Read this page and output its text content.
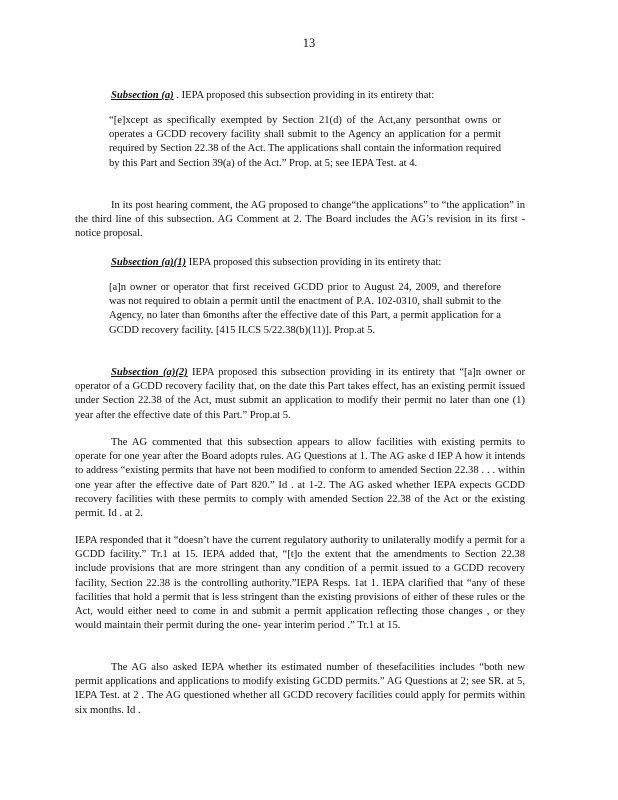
13

Subsection (a) . IEPA proposed this subsection providing in its entirety that:

“[e]xcept as specifically exempted by Section 21(d) of the Act,any personthat owns or operates a GCDD recovery facility shall submit to the Agency an application for a permit required by Section 22.38 of the Act. The applications shall contain the information required by this Part and Section 39(a) of the Act.” Prop. at 5; see IEPA Test. at 4.

In its post hearing comment, the AG proposed to change“the applications” to “the application” in the third line of this subsection. AG Comment at 2. The Board includes the AG’s revision in its first -notice proposal.

Subsection (a)(1) IEPA proposed this subsection providing in its entirety that:

[a]n owner or operator that first received GCDD prior to August 24, 2009, and therefore was not required to obtain a permit until the enactment of P.A. 102-0310, shall submit to the Agency, no later than 6months after the effective date of this Part, a permit application for a GCDD recovery facility. [415 ILCS 5/22.38(b)(11)]. Prop.at 5.

Subsection (a)(2) IEPA proposed this subsection providing in its entirety that “[a]n owner or operator of a GCDD recovery facility that, on the date this Part takes effect, has an existing permit issued under Section 22.38 of the Act, must submit an application to modify their permit no later than one (1) year after the effective date of this Part.” Prop.at 5.

The AG commented that this subsection appears to allow facilities with existing permits to operate for one year after the Board adopts rules. AG Questions at 1. The AG aske d IEP A how it intends to address “existing permits that have not been modified to conform to amended Section 22.38 . . . within one year after the effective date of Part 820.” Id . at 1-2. The AG asked whether IEPA expects GCDD recovery facilities with these permits to comply with amended Section 22.38 of the Act or the existing permit. Id . at 2.

IEPA responded that it “doesn’t have the current regulatory authority to unilaterally modify a permit for a GCDD facility.” Tr.1 at 15. IEPA added that, “[t]o the extent that the amendments to Section 22.38 include provisions that are more stringent than any condition of a permit issued to a GCDD recovery facility, Section 22.38 is the controlling authority.”IEPA Resps. 1at 1. IEPA clarified that “any of these facilities that hold a permit that is less stringent than the existing provisions of either of these rules or the Act, would either need to come in and submit a permit application reflecting those changes , or they would maintain their permit during the one- year interim period .” Tr.1 at 15.

The AG also asked IEPA whether its estimated number of thesefacilities includes “both new permit applications and applications to modify existing GCDD permits.” AG Questions at 2; see SR. at 5, IEPA Test. at 2 . The AG questioned whether all GCDD recovery facilities could apply for permits within six months. Id .
